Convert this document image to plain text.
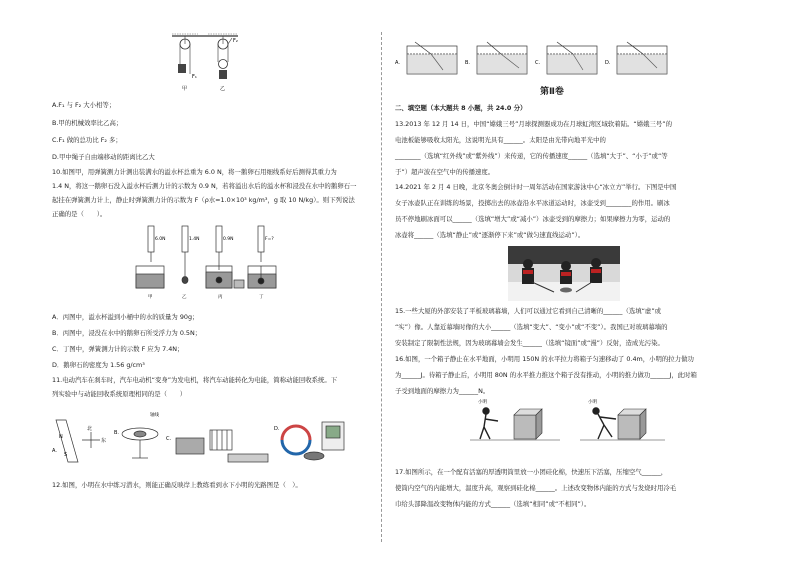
F₁
F₂
甲	乙
A.F₁ 与 F₂ 大小相等；
B.甲的机械效率比乙高；
C.F₁ 做的总功比 F₂ 多；
D.甲中绳子自由端移动的距离比乙大
10.如图甲，用弹簧测力计测出装满水的溢水杯总重为 6.0 N，将一鹅卵石用细线系好后测得其重力为
1.4 N，将这一鹅卵石没入溢水杯后测力计的示数为 0.9 N，若将溢出水后的溢水杯和浸没在水中的鹅卵石一
起挂在弹簧测力计上，静止时弹簧测力计的示数为 F（ρ水=1.0×10³ kg/m³，g 取 10 N/kg）。则下列说法
正确的是（　　）。
6.0N	1.4N	0.9N	F=?
甲	乙	丙	丁
A．丙图中，溢水杯溢到小桶中的水的质量为 90g；
B．丙图中，浸没在水中的鹅卵石所受浮力为 0.5N；
C．丁图中，弹簧测力计的示数 F 应为 7.4N；
D．鹅卵石的密度为 1.56 g/cm³
11.电动汽车在刹车时，汽车电动机“变身”为发电机，将汽车动能转化为电能，简称动能回收系统。下
列实验中与动能回收系统原理相同的是（　　）
A.
N
S
北
东
B.
轴线
C.
D.
12.如图，小明在水中练习潜水，则能正确反映岸上教练看到水下小明的光路图是（　）。
A.	B.	C.	D.
第Ⅱ卷
二、填空题（本大题共 8 小题，共 24.0 分）
13.2013 年 12 月 14 日，中国“嫦娥三号”月球探测器成功在月球虹湾区域软着陆。“嫦娥三号”的
电池板能够吸收太阳光，这说明光具有______。太阳是由光带向地平光中的
________（选填“红外线”或“紫外线”）来传递，它的传播速度______（选填“大于”、“小于”或“等
于”）超声波在空气中的传播速度。
14.2021 年 2 月 4 日晚，北京冬奥会倒计时一周年活动在国家游泳中心“冰立方”举行。下图是中国
女子冰壶队正在训练的场景，投掷出去的冰壶沿水平冰道运动时，冰壶受到________的作用。刷冰
员不停地刷冰面可以______（选填“增大”或“减小”）冰壶受到的摩擦力；如果摩擦力为零，运动的
冰壶将______（选填“静止”或“逐渐停下来”或“做匀速直线运动”）。
15.一些大厦的外部安装了平板玻璃幕墙，人们可以通过它看到自己清晰的______（选填“虚”或
“实”）像。人靠近幕墙时像的大小______（选填“变大”、“变小”或“不变”）。我国已对玻璃幕墙的
安装制定了限制性法规，因为玻璃幕墙会发生______（选填“镜面”或“漫”）反射，造成光污染。
16.如图，一个箱子静止在水平地面，小明用 150N 的水平拉力将箱子匀速移动了 0.4m，小明的拉力做功
为______J。待箱子静止后，小明用 80N 的水平推力推这个箱子没有推动，小明的推力做功______J，此时箱
子受到地面的摩擦力为______N。
小明	小明
17.如图所示，在一个配有活塞的厚透明筒里放一小团硅化棉，快速压下活塞，压缩空气______，
使筒内空气的内能增大，温度升高，观察到硅化棉______。上述改变物体内能的方式与发烧时用冷毛
巾给头部降温改变物体内能的方式______（选填“相同”或“不相同”）。
